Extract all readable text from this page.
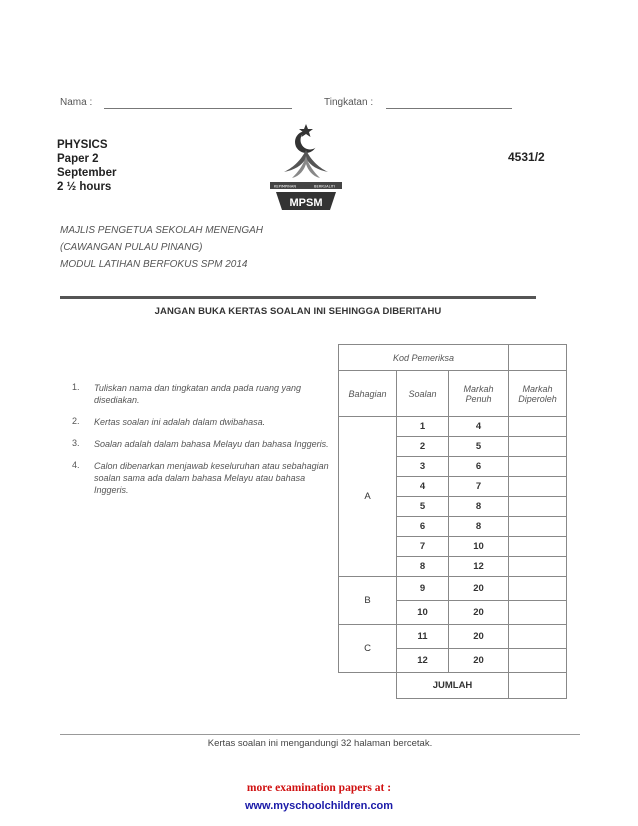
Nama :	Tingkatan :
PHYSICS
Paper 2
September
2 ½ hours
4531/2
KEPIMPINAN	BERKUALITI
MPSM
MAJLIS PENGETUA SEKOLAH MENENGAH
(CAWANGAN PULAU PINANG)
MODUL LATIHAN BERFOKUS SPM 2014
JANGAN BUKA KERTAS SOALAN INI SEHINGGA DIBERITAHU
1.	Tuliskan nama dan tingkatan anda pada ruang yang disediakan.
2.	Kertas soalan ini adalah dalam dwibahasa.
3.	Soalan adalah dalam bahasa Melayu dan bahasa Inggeris.
4.	Calon dibenarkan menjawab keseluruhan atau sebahagian soalan sama ada dalam bahasa Melayu atau bahasa Inggeris.
Kod Pemeriksa			
Bahagian	Soalan	Markah Penuh	Markah Diperoleh
A	1	4	
	2	5	
	3	6	
	4	7	
	5	8	
	6	8	
	7	10	
	8	12	
B	9	20	
	10	20	
C	11	20	
	12	20	
	JUMLAH		
Kertas soalan ini mengandungi 32 halaman bercetak.
more examination papers at :
www.myschoolchildren.com
